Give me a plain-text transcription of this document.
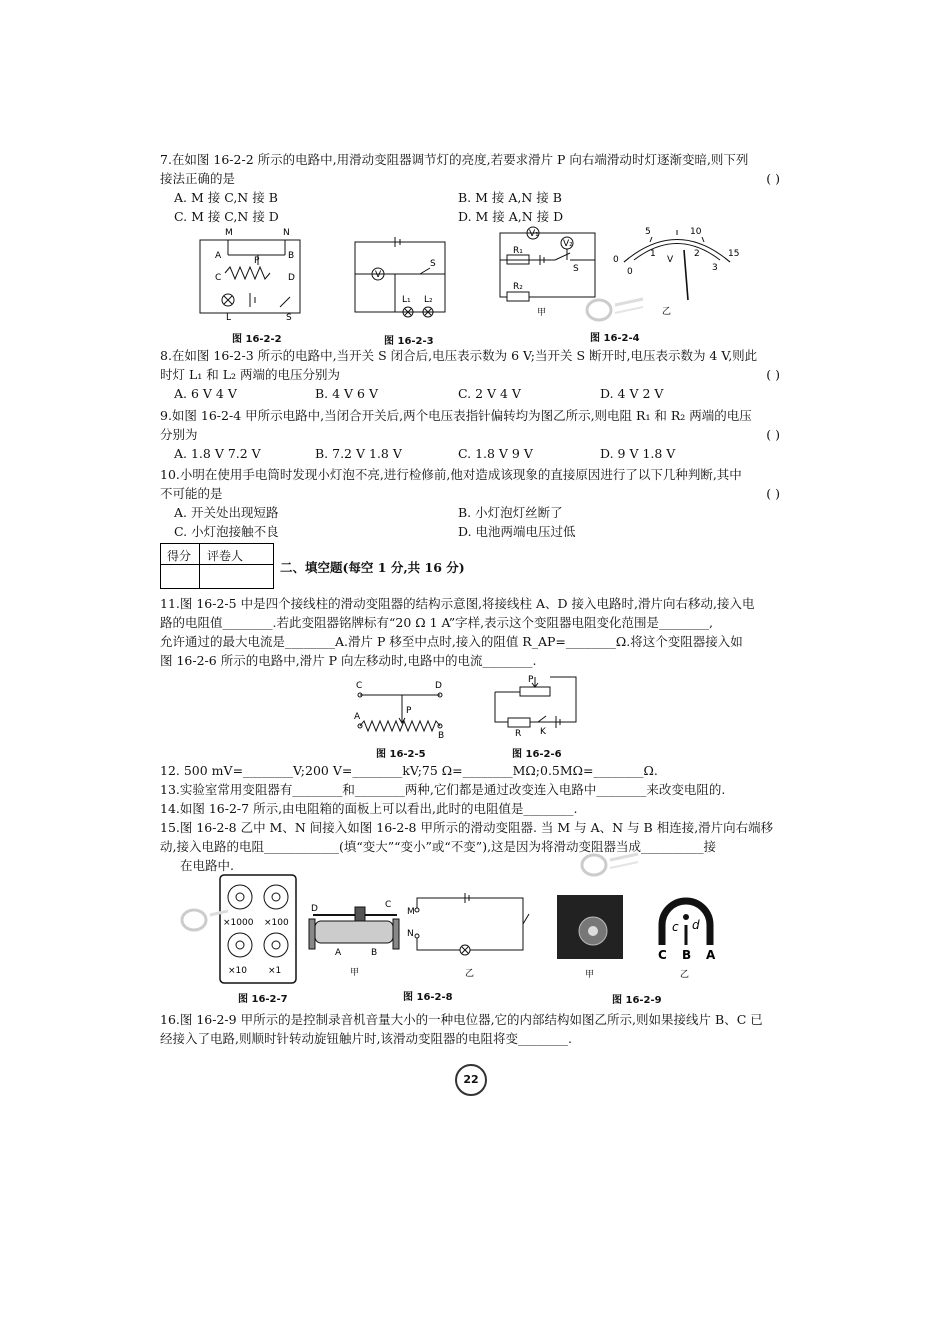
7.在如图 16-2-2 所示的电路中,用滑动变阻器调节灯的亮度,若要求滑片 P 向右端滑动时灯逐渐变暗,则下列
接法正确的是	( )
A. M 接 C,N 接 B	B. M 接 A,N 接 B
C. M 接 C,N 接 D	D. M 接 A,N 接 D
M	N
A	B
P
C	D
L	S
图 16-2-2
V
S
L₁ L₂
图 16-2-3
V₁
V₂
R₁
R₂
S
甲
5	10
0
15
1	2
3
V
0
乙
图 16-2-4
8.在如图 16-2-3 所示的电路中,当开关 S 闭合后,电压表示数为 6 V;当开关 S 断开时,电压表示数为 4 V,则此
时灯 L₁ 和 L₂ 两端的电压分别为	( )
A. 6 V 4 V	B. 4 V 6 V	C. 2 V 4 V	D. 4 V 2 V
9.如图 16-2-4 甲所示电路中,当闭合开关后,两个电压表指针偏转均为图乙所示,则电阻 R₁ 和 R₂ 两端的电压
分别为	( )
A. 1.8 V 7.2 V	B. 7.2 V 1.8 V	C. 1.8 V 9 V	D. 9 V 1.8 V
10.小明在使用手电筒时发现小灯泡不亮,进行检修前,他对造成该现象的直接原因进行了以下几种判断,其中
不可能的是	( )
A. 开关处出现短路	B. 小灯泡灯丝断了
C. 小灯泡接触不良	D. 电池两端电压过低
得分 评卷人
二、填空题(每空 1 分,共 16 分)
11.图 16-2-5 中是四个接线柱的滑动变阻器的结构示意图,将接线柱 A、D 接入电路时,滑片向右移动,接入电
路的电阻值________.若此变阻器铭牌标有“20 Ω 1 A”字样,表示这个变阻器电阻变化范围是________,
允许通过的最大电流是________A.滑片 P 移至中点时,接入的阻值 R_AP=________Ω.将这个变阻器接入如
图 16-2-6 所示的电路中,滑片 P 向左移动时,电路中的电流________.
C	D
P
A
B
图 16-2-5
P
R K
图 16-2-6
12. 500 mV=________V;200 V=________kV;75 Ω=________MΩ;0.5MΩ=________Ω.
13.实验室常用变阻器有________和________两种,它们都是通过改变连入电路中________来改变电阻的.
14.如图 16-2-7 所示,由电阻箱的面板上可以看出,此时的电阻值是________.
15.图 16-2-8 乙中 M、N 间接入如图 16-2-8 甲所示的滑动变阻器. 当 M 与 A、N 与 B 相连接,滑片向右端移
动,接入电路的电阻____________(填“变大”“变小”或“不变”),这是因为将滑动变阻器当成__________接
在电路中.
×1000 ×100
×10 ×1
图 16-2-7
C
D
A	B
甲
M
N
乙
图 16-2-8
甲
c d
C B A
乙
图 16-2-9
16.图 16-2-9 甲所示的是控制录音机音量大小的一种电位器,它的内部结构如图乙所示,则如果接线片 B、C 已
经接入了电路,则顺时针转动旋钮触片时,该滑动变阻器的电阻将变________.
22
